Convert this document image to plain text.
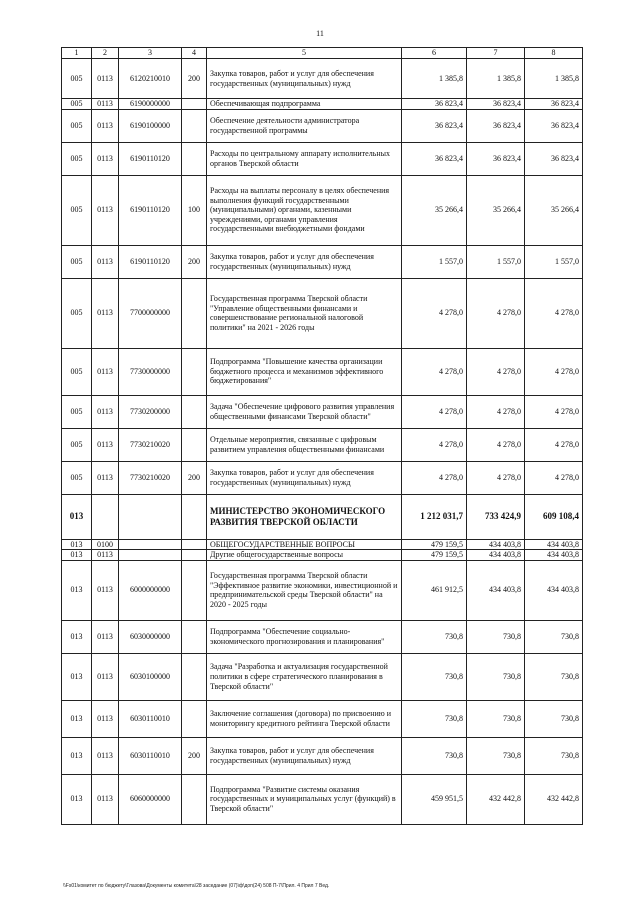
11
1	2	3	4	5	6	7	8
005	0113	6120210010	200	Закупка товаров, работ и услуг для обеспечения государственных (муниципальных) нужд	1 385,8	1 385,8	1 385,8
005	0113	6190000000		Обеспечивающая подпрограмма	36 823,4	36 823,4	36 823,4
005	0113	6190100000		Обеспечение деятельности администратора государственной программы	36 823,4	36 823,4	36 823,4
005	0113	6190110120		Расходы по центральному аппарату исполнительных органов Тверской области	36 823,4	36 823,4	36 823,4
005	0113	6190110120	100	Расходы на выплаты персоналу в целях обеспечения выполнения функций государственными (муниципальными) органами, казенными учреждениями, органами управления государственными внебюджетными фондами	35 266,4	35 266,4	35 266,4
005	0113	6190110120	200	Закупка товаров, работ и услуг для обеспечения государственных (муниципальных) нужд	1 557,0	1 557,0	1 557,0
005	0113	7700000000		Государственная программа Тверской области "Управление общественными финансами и совершенствование региональной налоговой политики" на 2021 - 2026 годы	4 278,0	4 278,0	4 278,0
005	0113	7730000000		Подпрограмма "Повышение качества организации бюджетного процесса и механизмов эффективного бюджетирования"	4 278,0	4 278,0	4 278,0
005	0113	7730200000		Задача "Обеспечение цифрового развития управления общественными финансами Тверской области"	4 278,0	4 278,0	4 278,0
005	0113	7730210020		Отдельные мероприятия, связанные с цифровым развитием управления общественными финансами	4 278,0	4 278,0	4 278,0
005	0113	7730210020	200	Закупка товаров, работ и услуг для обеспечения государственных (муниципальных) нужд	4 278,0	4 278,0	4 278,0
013				МИНИСТЕРСТВО ЭКОНОМИЧЕСКОГО РАЗВИТИЯ ТВЕРСКОЙ ОБЛАСТИ	1 212 031,7	733 424,9	609 108,4
013	0100			ОБЩЕГОСУДАРСТВЕННЫЕ ВОПРОСЫ	479 159,5	434 403,8	434 403,8
013	0113			Другие общегосударственные вопросы	479 159,5	434 403,8	434 403,8
013	0113	6000000000		Государственная программа Тверской области "Эффективное развитие экономики, инвестиционной и предпринимательской среды Тверской области" на 2020 - 2025 годы	461 912,5	434 403,8	434 403,8
013	0113	6030000000		Подпрограмма "Обеспечение социально-экономического прогнозирования и планирования"	730,8	730,8	730,8
013	0113	6030100000		Задача "Разработка и актуализация государственной политики в сфере стратегического планирования в Тверской области"	730,8	730,8	730,8
013	0113	6030110010		Заключение соглашения (договора) по присвоению и мониторингу кредитного рейтинга Тверской области	730,8	730,8	730,8
013	0113	6030110010	200	Закупка товаров, работ и услуг для обеспечения государственных (муниципальных) нужд	730,8	730,8	730,8
013	0113	6060000000		Подпрограмма "Развитие системы оказания государственных и муниципальных услуг (функций) в Тверской области"	459 951,5	432 442,8	432 442,8
\\Fs01\комитет по бюджету\Глазова\Документы комитета\28 заседание (07)\ф\доп(24) 508 П-7\Прил. 4 Прил 7 Вед.
